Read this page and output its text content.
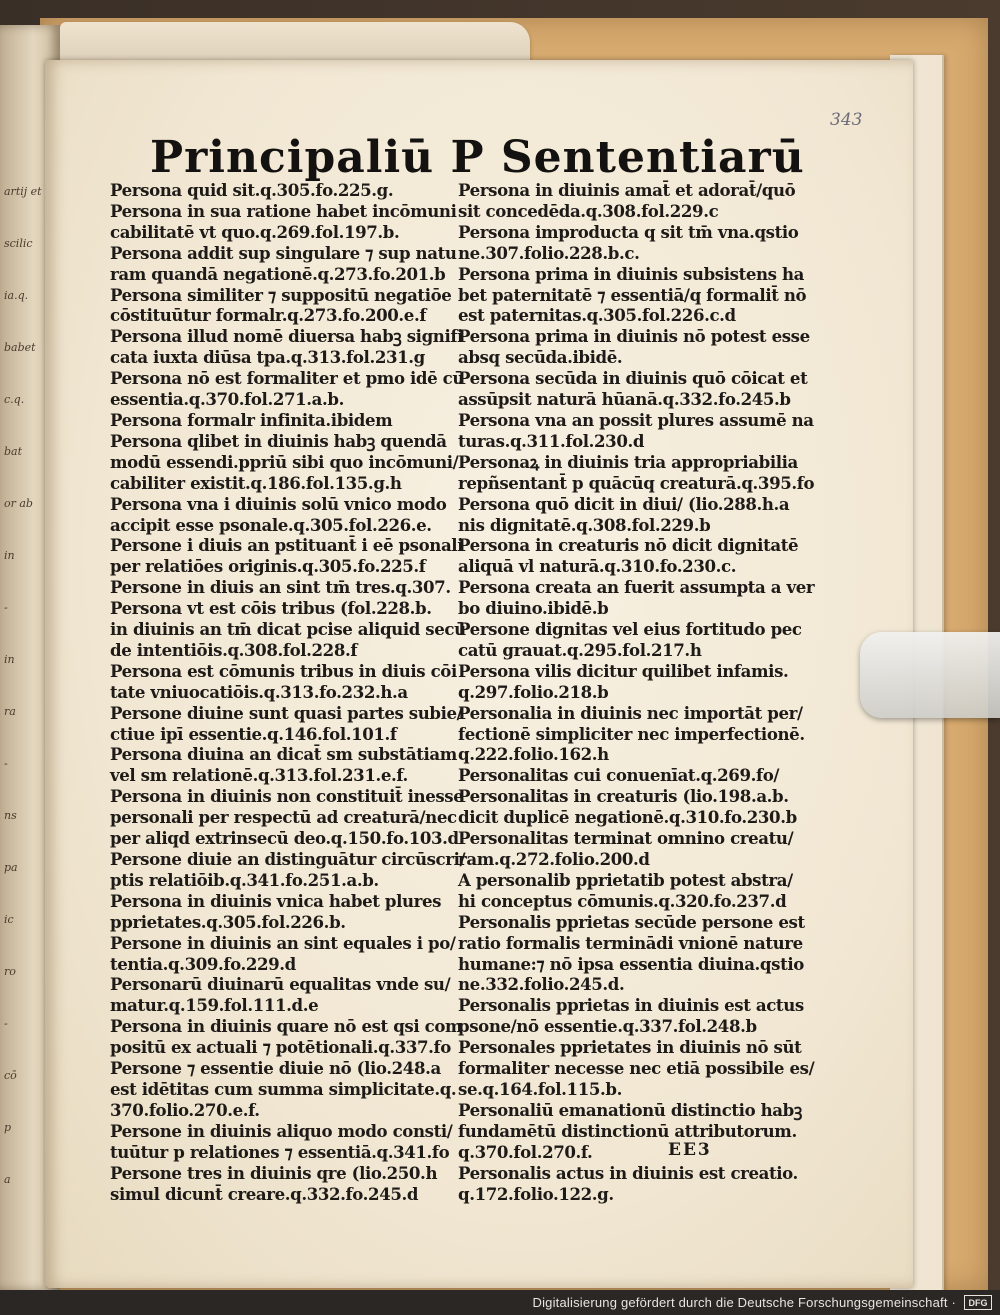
artij et
scilic
ia.q.
babet
c.q.
bat
or ab
in
-
in
ra
-
ns
pa
ic
ro
-
cō
p
a
343
Principaliū P Sententiarū
Persona quid sit.q.305.fo.225.g.
Persona in sua ratione habet incōmuni
cabilitatē vt quo.q.269.fol.197.b.
Persona addit sup singulare ⁊ sup natu
ram quandā negationē.q.273.fo.201.b
Persona similiter ⁊ suppositū negatiōe
cōstituūtur formalr.q.273.fo.200.e.f
Persona illud nomē diuersa habꝫ signifi
cata iuxta diūsa tpa.q.313.fol.231.g
Persona nō est formaliter et pmo idē cū
essentia.q.370.fol.271.a.b.
Persona formalr infinita.ibidem
Persona qlibet in diuinis habꝫ quendā
modū essendi.ppriū sibi quo incōmuni/
cabiliter existit.q.186.fol.135.g.h
Persona vna i diuinis solū vnico modo
accipit esse psonale.q.305.fol.226.e.
Persone i diuis an pstituant̄ i eē psonali
per relatiōes originis.q.305.fo.225.f
Persone in diuis an sint tm̄ tres.q.307.
Persona vt est cōis tribus (fol.228.b.
in diuinis an tm̄ dicat pcise aliquid secū
de intentiōis.q.308.fol.228.f
Persona est cōmunis tribus in diuis cōi
tate vniuocatiōis.q.313.fo.232.h.a
Persone diuine sunt quasi partes subie/
ctiue ipī essentie.q.146.fol.101.f
Persona diuina an dicat̄ sm substātiam
vel sm relationē.q.313.fol.231.e.f.
Persona in diuinis non constituit̄ inesse
personali per respectū ad creaturā/nec
per aliqd extrinsecū deo.q.150.fo.103.d
Persone diuie an distinguātur circūscri/
ptis relatiōib.q.341.fo.251.a.b.
Persona in diuinis vnica habet plures
pprietates.q.305.fol.226.b.
Persone in diuinis an sint equales i po/
tentia.q.309.fo.229.d
Personarū diuinarū equalitas vnde su/
matur.q.159.fol.111.d.e
Persona in diuinis quare nō est qsi com
positū ex actuali ⁊ potētionali.q.337.fo
Persone ⁊ essentie diuie nō (lio.248.a
est idētitas cum summa simplicitate.q.
370.folio.270.e.f.
Persone in diuinis aliquo modo consti/
tuūtur p relationes ⁊ essentiā.q.341.fo
Persone tres in diuinis qre (lio.250.h
simul dicunt̄ creare.q.332.fo.245.d
Persona in diuinis amat̄ et adorat̄/quō
sit concedēda.q.308.fol.229.c
Persona improducta q sit tm̄ vna.qstio
ne.307.folio.228.b.c.
Persona prima in diuinis subsistens ha
bet paternitatē ⁊ essentiā/q formalit̄ nō
est paternitas.q.305.fol.226.c.d
Persona prima in diuinis nō potest esse
absq secūda.ibidē.
Persona secūda in diuinis quō cōicat et
assūpsit naturā hūanā.q.332.fo.245.b
Persona vna an possit plures assumē na
turas.q.311.fol.230.d
Personaꝝ in diuinis tria appropriabilia
repñsentant̄ p quācūq creaturā.q.395.fo
Persona quō dicit in diui/ (lio.288.h.a
nis dignitatē.q.308.fol.229.b
Persona in creaturis nō dicit dignitatē
aliquā vl naturā.q.310.fo.230.c.
Persona creata an fuerit assumpta a ver
bo diuino.ibidē.b
Persone dignitas vel eius fortitudo pec
catū grauat.q.295.fol.217.h
Persona vilis dicitur quilibet infamis.
q.297.folio.218.b
Personalia in diuinis nec importāt per/
fectionē simpliciter nec imperfectionē.
q.222.folio.162.h
Personalitas cui conuenīat.q.269.fo/
Personalitas in creaturis (lio.198.a.b.
dicit duplicē negationē.q.310.fo.230.b
Personalitas terminat omnino creatu/
ram.q.272.folio.200.d
A personalib pprietatib potest abstra/
hi conceptus cōmunis.q.320.fo.237.d
Personalis pprietas secūde persone est
ratio formalis terminādi vnionē nature
humane:⁊ nō ipsa essentia diuina.qstio
ne.332.folio.245.d.
Personalis pprietas in diuinis est actus
psone/nō essentie.q.337.fol.248.b
Personales pprietates in diuinis nō sūt
formaliter necesse nec etiā possibile es/
se.q.164.fol.115.b.
Personaliū emanationū distinctio habꝫ
fundamētū distinctionū attributorum.
q.370.fol.270.f.
Personalis actus in diuinis est creatio.
q.172.folio.122.g.
EE3
Digitalisierung gefördert durch die Deutsche Forschungsgemeinschaft ·	DFG
